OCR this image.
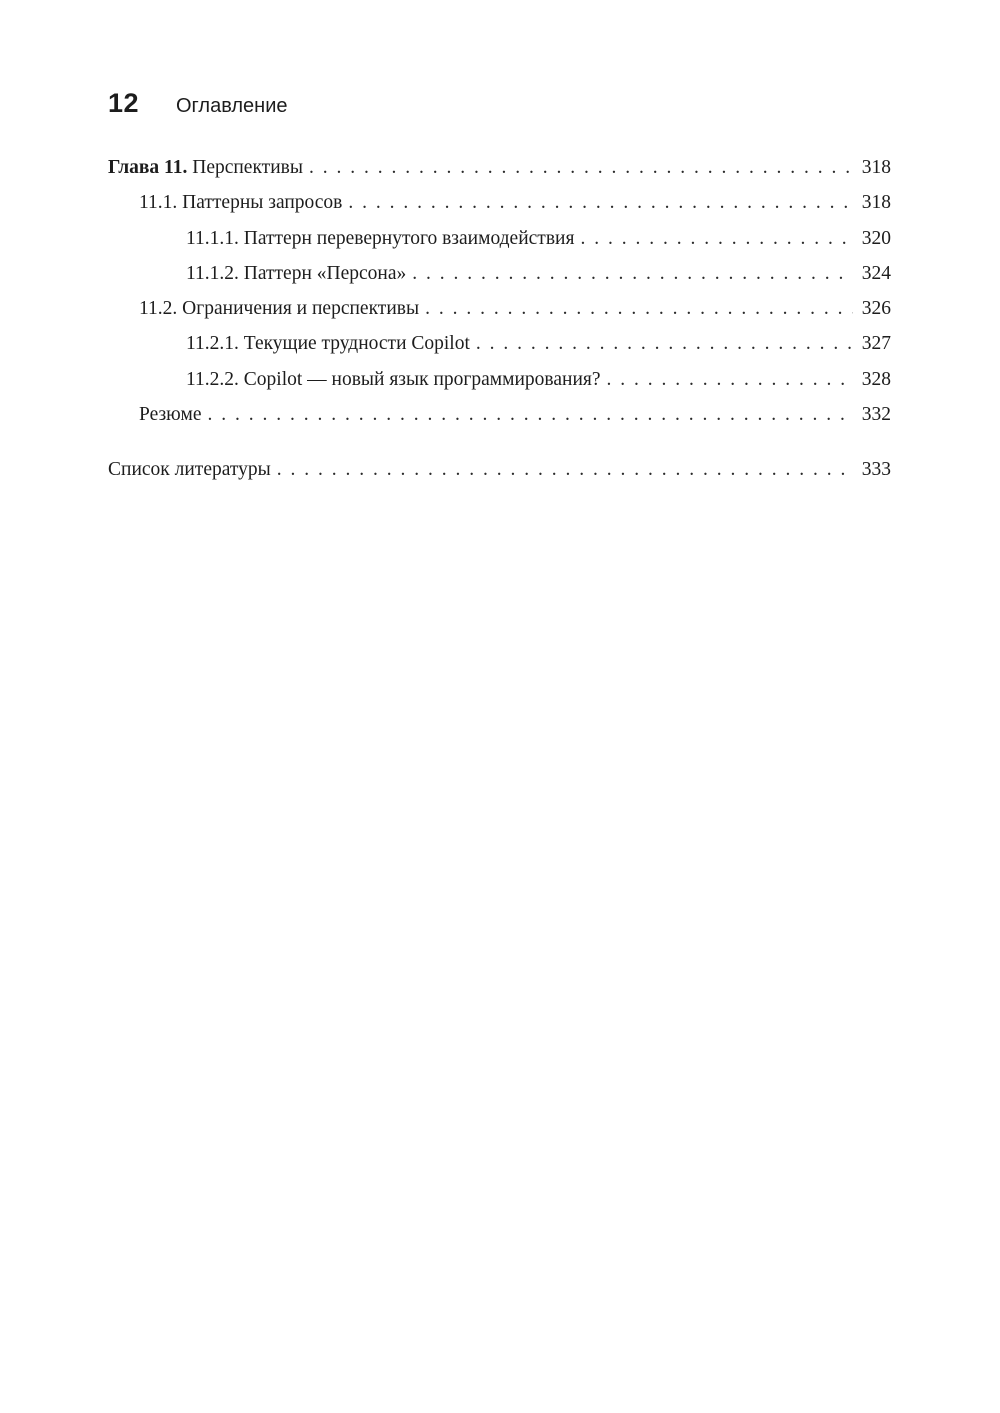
12	Оглавление
Глава 11. Перспективы . . .	318
11.1. Паттерны запросов . . .	318
11.1.1. Паттерн перевернутого взаимодействия . . .	320
11.1.2. Паттерн «Персона» . . .	324
11.2. Ограничения и перспективы . . .	326
11.2.1. Текущие трудности Copilot . . .	327
11.2.2. Copilot — новый язык программирования? . . .	328
Резюме . . .	332
Список литературы . . .	333
